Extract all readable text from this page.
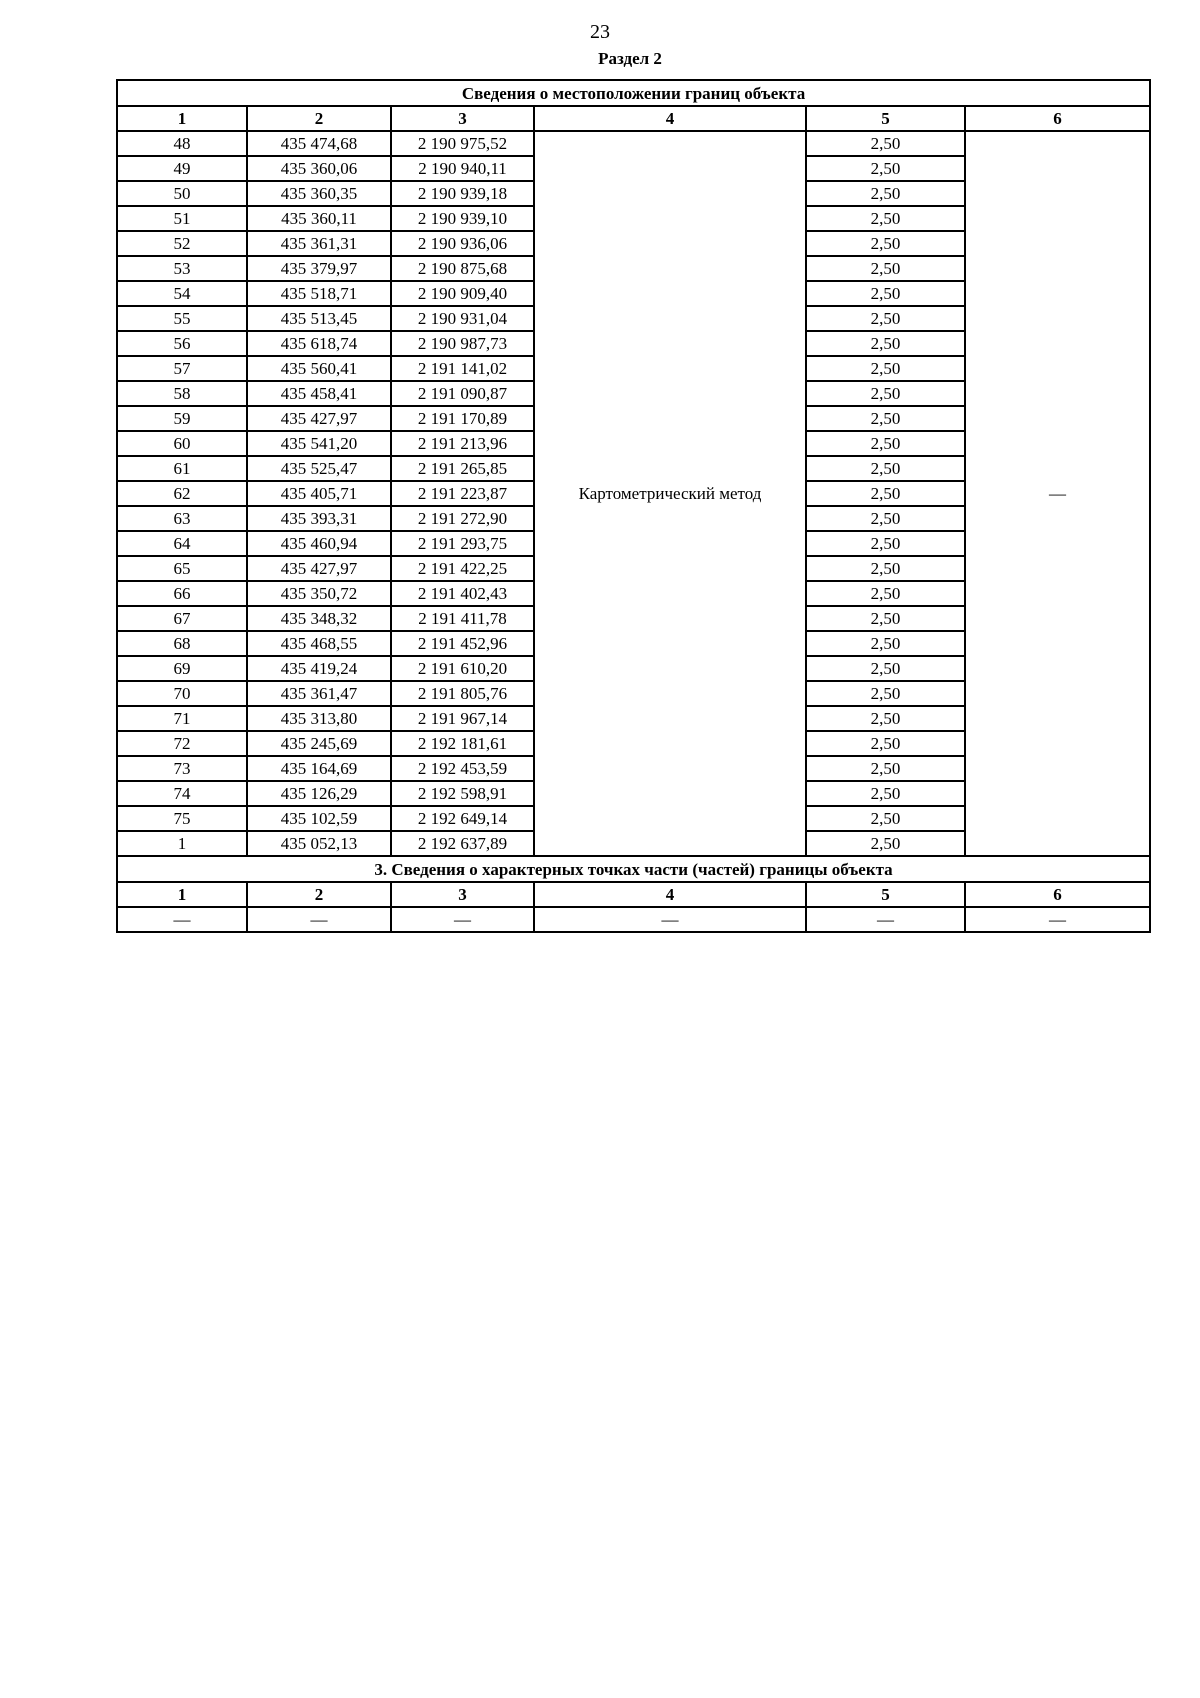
23
Раздел 2
Сведения о местоположении границ объекта					
1	2	3	4	5	6
48	435 474,68	2 190 975,52	Картометрический метод	2,50	—
49	435 360,06	2 190 940,11		2,50	
50	435 360,35	2 190 939,18		2,50	
51	435 360,11	2 190 939,10		2,50	
52	435 361,31	2 190 936,06		2,50	
53	435 379,97	2 190 875,68		2,50	
54	435 518,71	2 190 909,40		2,50	
55	435 513,45	2 190 931,04		2,50	
56	435 618,74	2 190 987,73		2,50	
57	435 560,41	2 191 141,02		2,50	
58	435 458,41	2 191 090,87		2,50	
59	435 427,97	2 191 170,89		2,50	
60	435 541,20	2 191 213,96		2,50	
61	435 525,47	2 191 265,85		2,50	
62	435 405,71	2 191 223,87		2,50	
63	435 393,31	2 191 272,90		2,50	
64	435 460,94	2 191 293,75		2,50	
65	435 427,97	2 191 422,25		2,50	
66	435 350,72	2 191 402,43		2,50	
67	435 348,32	2 191 411,78		2,50	
68	435 468,55	2 191 452,96		2,50	
69	435 419,24	2 191 610,20		2,50	
70	435 361,47	2 191 805,76		2,50	
71	435 313,80	2 191 967,14		2,50	
72	435 245,69	2 192 181,61		2,50	
73	435 164,69	2 192 453,59		2,50	
74	435 126,29	2 192 598,91		2,50	
75	435 102,59	2 192 649,14		2,50	
1	435 052,13	2 192 637,89		2,50	
3. Сведения о характерных точках части (частей) границы объекта					
1	2	3	4	5	6
—	—	—	—	—	—
